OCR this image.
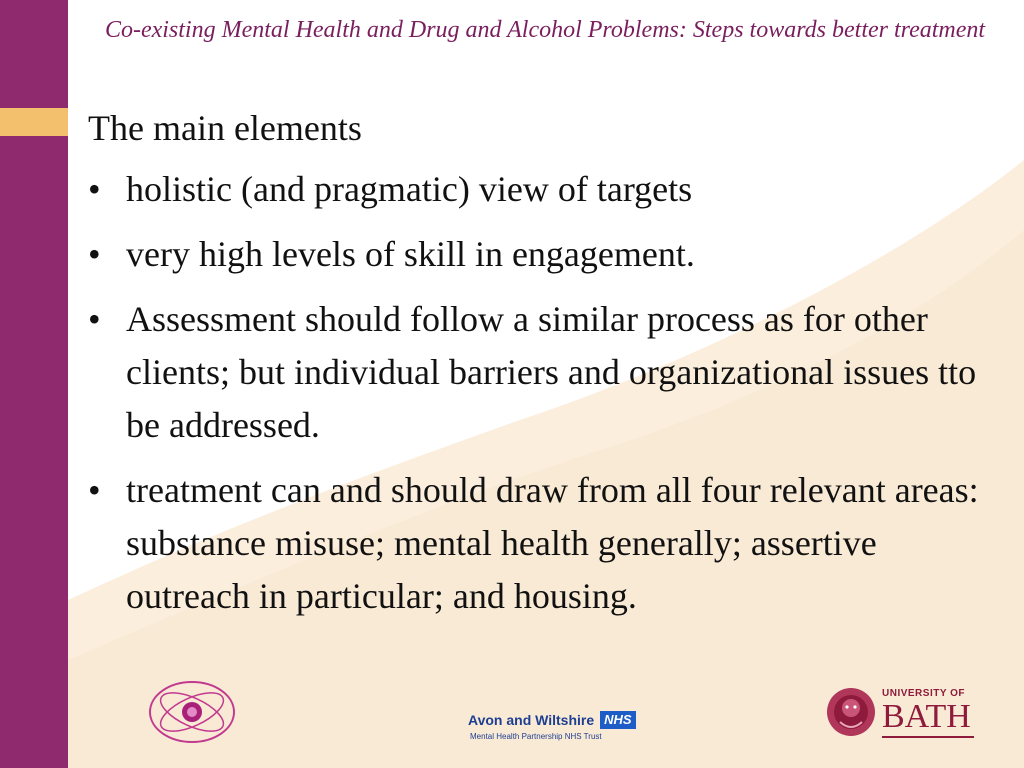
Co-existing Mental Health and Drug and Alcohol Problems: Steps towards better treatment

The main elements

• holistic (and pragmatic) view of targets
• very high levels of skill in engagement.
• Assessment should follow a similar process as for other clients; but individual barriers and organizational issues tto be addressed.
• treatment can and should draw from all four relevant areas: substance misuse; mental health generally; assertive outreach in particular; and housing.
Avon and Wiltshire NHS
Mental Health Partnership NHS Trust
UNIVERSITY OF
BATH
